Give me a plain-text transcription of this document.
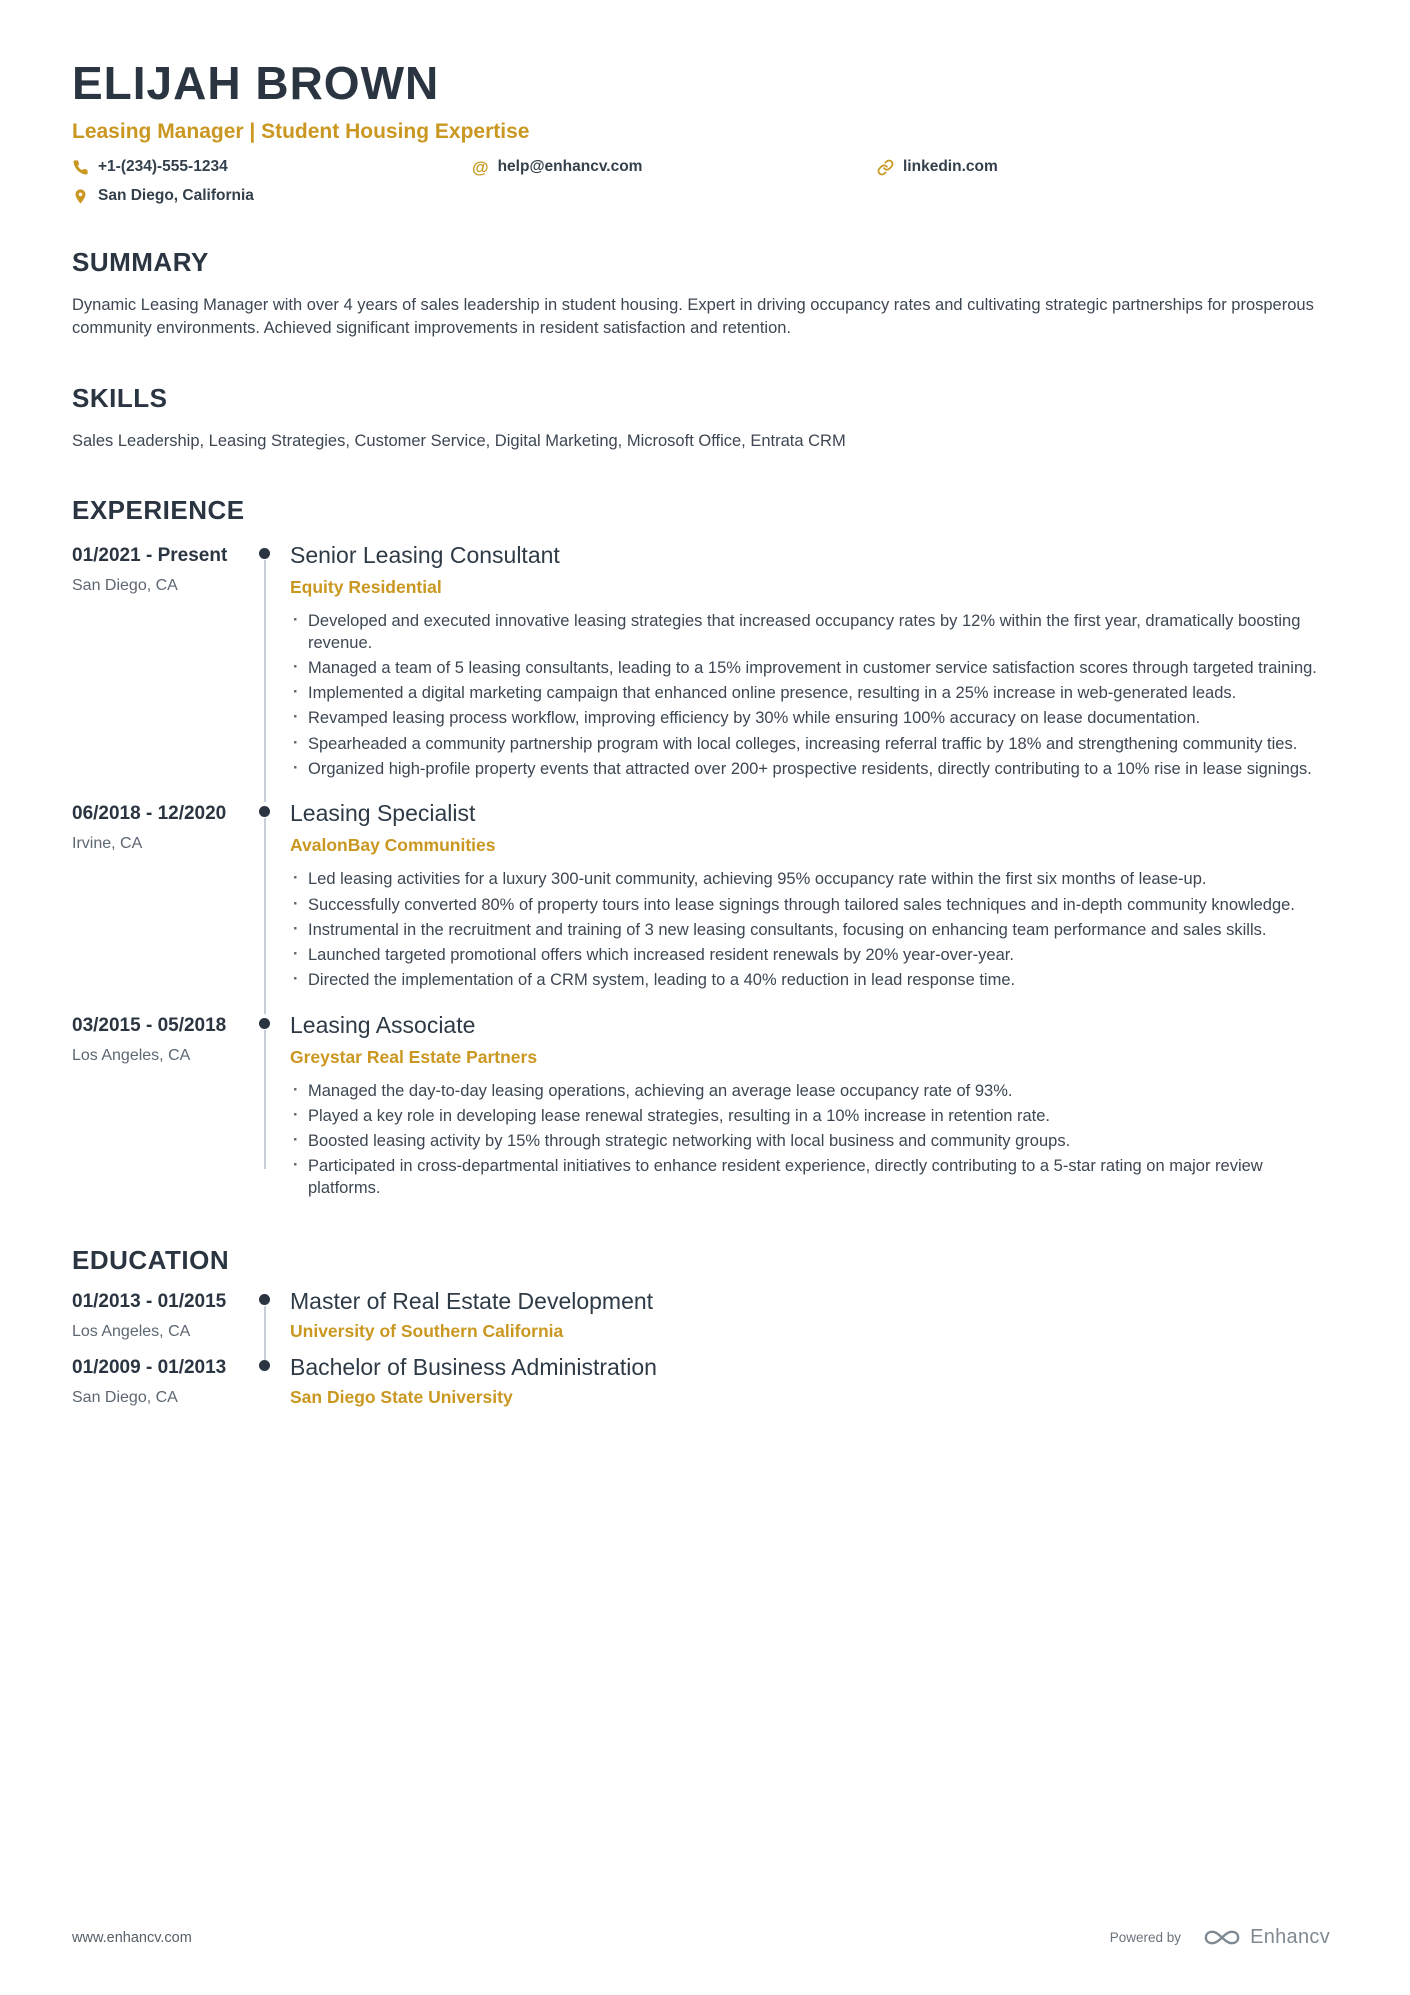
ELIJAH BROWN
Leasing Manager | Student Housing Expertise
+1-(234)-555-1234	@ help@enhancv.com	linkedin.com
San Diego, California
SUMMARY
Dynamic Leasing Manager with over 4 years of sales leadership in student housing. Expert in driving occupancy rates and cultivating strategic partnerships for prosperous community environments. Achieved significant improvements in resident satisfaction and retention.
SKILLS
Sales Leadership, Leasing Strategies, Customer Service, Digital Marketing, Microsoft Office, Entrata CRM
EXPERIENCE
01/2021 - Present
San Diego, CA
Senior Leasing Consultant
Equity Residential
· Developed and executed innovative leasing strategies that increased occupancy rates by 12% within the first year, dramatically boosting revenue.
· Managed a team of 5 leasing consultants, leading to a 15% improvement in customer service satisfaction scores through targeted training.
· Implemented a digital marketing campaign that enhanced online presence, resulting in a 25% increase in web-generated leads.
· Revamped leasing process workflow, improving efficiency by 30% while ensuring 100% accuracy on lease documentation.
· Spearheaded a community partnership program with local colleges, increasing referral traffic by 18% and strengthening community ties.
· Organized high-profile property events that attracted over 200+ prospective residents, directly contributing to a 10% rise in lease signings.
06/2018 - 12/2020
Irvine, CA
Leasing Specialist
AvalonBay Communities
· Led leasing activities for a luxury 300-unit community, achieving 95% occupancy rate within the first six months of lease-up.
· Successfully converted 80% of property tours into lease signings through tailored sales techniques and in-depth community knowledge.
· Instrumental in the recruitment and training of 3 new leasing consultants, focusing on enhancing team performance and sales skills.
· Launched targeted promotional offers which increased resident renewals by 20% year-over-year.
· Directed the implementation of a CRM system, leading to a 40% reduction in lead response time.
03/2015 - 05/2018
Los Angeles, CA
Leasing Associate
Greystar Real Estate Partners
· Managed the day-to-day leasing operations, achieving an average lease occupancy rate of 93%.
· Played a key role in developing lease renewal strategies, resulting in a 10% increase in retention rate.
· Boosted leasing activity by 15% through strategic networking with local business and community groups.
· Participated in cross-departmental initiatives to enhance resident experience, directly contributing to a 5-star rating on major review platforms.
EDUCATION
01/2013 - 01/2015
Los Angeles, CA
Master of Real Estate Development
University of Southern California
01/2009 - 01/2013
San Diego, CA
Bachelor of Business Administration
San Diego State University
www.enhancv.com	Powered by	Enhancv
